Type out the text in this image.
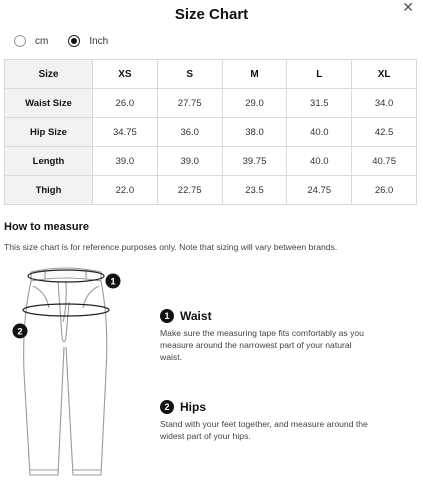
Size Chart	✕
cm	Inch
Size	XS	S	M	L	XL
Waist Size	26.0	27.75	29.0	31.5	34.0
Hip Size	34.75	36.0	38.0	40.0	42.5
Length	39.0	39.0	39.75	40.0	40.75
Thigh	22.0	22.75	23.5	24.75	26.0
How to measure
This size chart is for reference purposes only. Note that sizing will vary between brands.
1
2
1 Waist
Make sure the measuring tape fits comfortably as you
measure around the narrowest part of your natural
waist.
2 Hips
Stand with your feet together, and measure around the
widest part of your hips.
